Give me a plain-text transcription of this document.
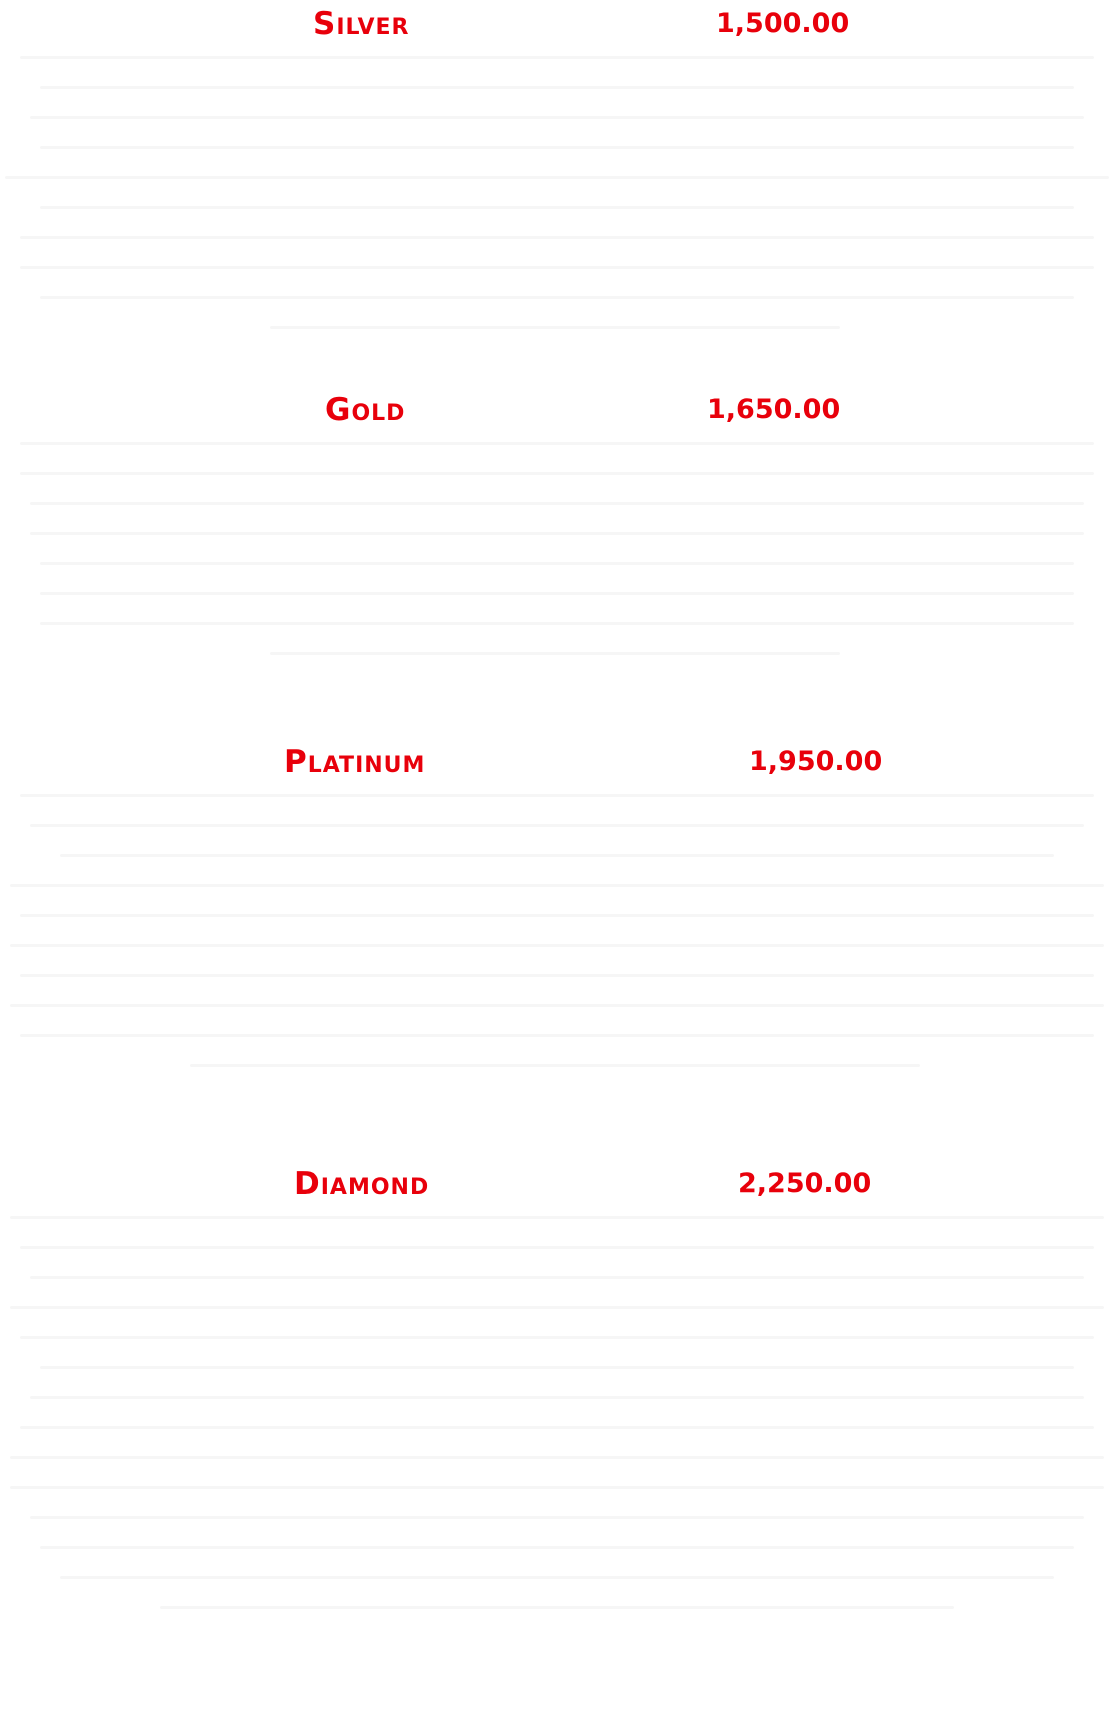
Silver	1,500.00
Gold	1,650.00
Platinum	1,950.00
Diamond	2,250.00
